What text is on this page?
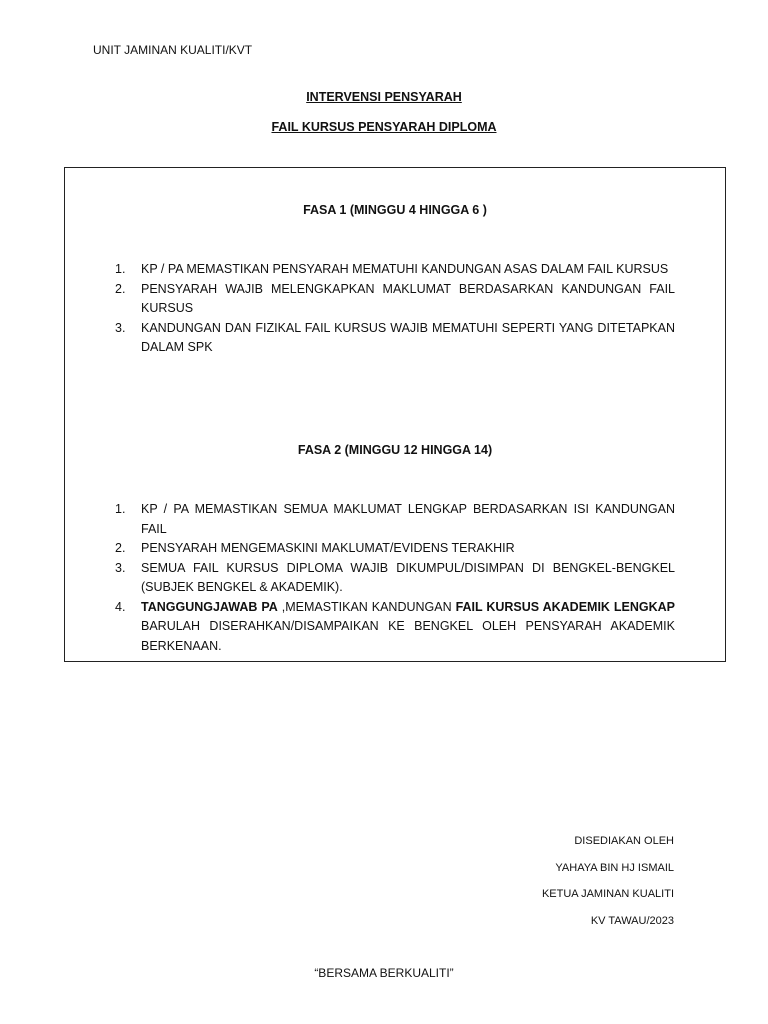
UNIT JAMINAN KUALITI/KVT
INTERVENSI PENSYARAH
FAIL KURSUS PENSYARAH DIPLOMA
FASA 1 (MINGGU 4 HINGGA 6 )
1.	KP / PA MEMASTIKAN PENSYARAH MEMATUHI KANDUNGAN ASAS DALAM FAIL KURSUS
2.	PENSYARAH WAJIB MELENGKAPKAN MAKLUMAT BERDASARKAN KANDUNGAN FAIL KURSUS
3.	KANDUNGAN DAN FIZIKAL FAIL KURSUS WAJIB MEMATUHI SEPERTI YANG DITETAPKAN DALAM SPK
FASA 2 (MINGGU 12 HINGGA 14)
1.	KP / PA MEMASTIKAN SEMUA MAKLUMAT LENGKAP BERDASARKAN ISI KANDUNGAN FAIL
2.	PENSYARAH MENGEMASKINI MAKLUMAT/EVIDENS TERAKHIR
3.	SEMUA FAIL KURSUS DIPLOMA WAJIB DIKUMPUL/DISIMPAN DI BENGKEL-BENGKEL (SUBJEK BENGKEL & AKADEMIK).
4.	TANGGUNGJAWAB PA ,MEMASTIKAN KANDUNGAN FAIL KURSUS AKADEMIK LENGKAP BARULAH DISERAHKAN/DISAMPAIKAN KE BENGKEL OLEH PENSYARAH AKADEMIK BERKENAAN.
DISEDIAKAN OLEH
YAHAYA BIN HJ ISMAIL
KETUA JAMINAN KUALITI
KV TAWAU/2023
“BERSAMA BERKUALITI”
